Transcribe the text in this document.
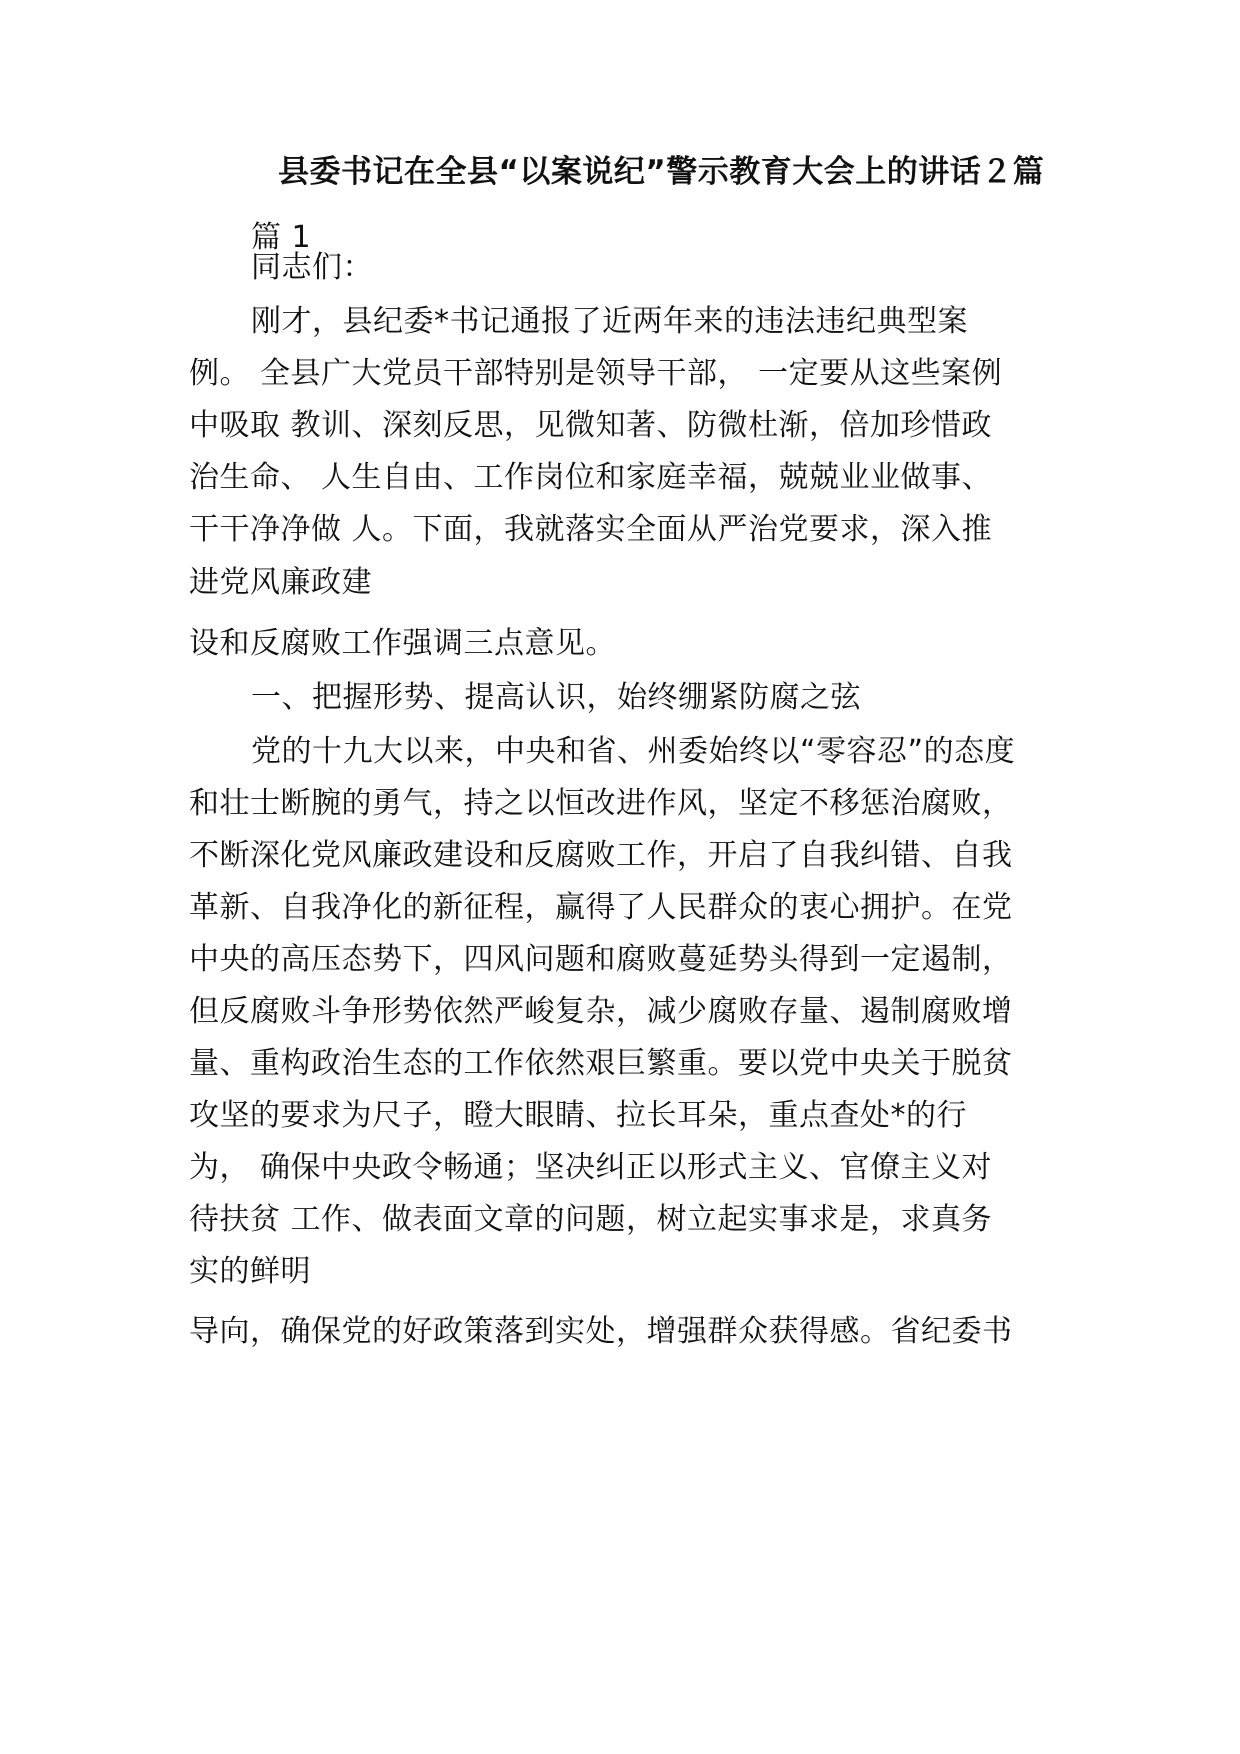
县委书记在全县“以案说纪”警示教育大会上的讲话２篇
篇 1
同志们：
刚才，县纪委*书记通报了近两年来的违法违纪典型案
例。 全县广大党员干部特别是领导干部， 一定要从这些案例
中吸取 教训、深刻反思，见微知著、防微杜渐，倍加珍惜政
治生命、 人生自由、工作岗位和家庭幸福，兢兢业业做事、
干干净净做 人。下面，我就落实全面从严治党要求，深入推
进党风廉政建
设和反腐败工作强调三点意见。
一、把握形势、提高认识，始终绷紧防腐之弦
党的十九大以来，中央和省、州委始终以“零容忍”的态度
和壮士断腕的勇气，持之以恒改进作风，坚定不移惩治腐败，
不断深化党风廉政建设和反腐败工作，开启了自我纠错、自我
革新、自我净化的新征程，赢得了人民群众的衷心拥护。在党
中央的高压态势下，四风问题和腐败蔓延势头得到一定遏制，
但反腐败斗争形势依然严峻复杂，减少腐败存量、遏制腐败增
量、重构政治生态的工作依然艰巨繁重。要以党中央关于脱贫
攻坚的要求为尺子，瞪大眼睛、拉长耳朵，重点查处*的行
为， 确保中央政令畅通；坚决纠正以形式主义、官僚主义对
待扶贫 工作、做表面文章的问题，树立起实事求是，求真务
实的鲜明
导向，确保党的好政策落到实处，增强群众获得感。省纪委书
